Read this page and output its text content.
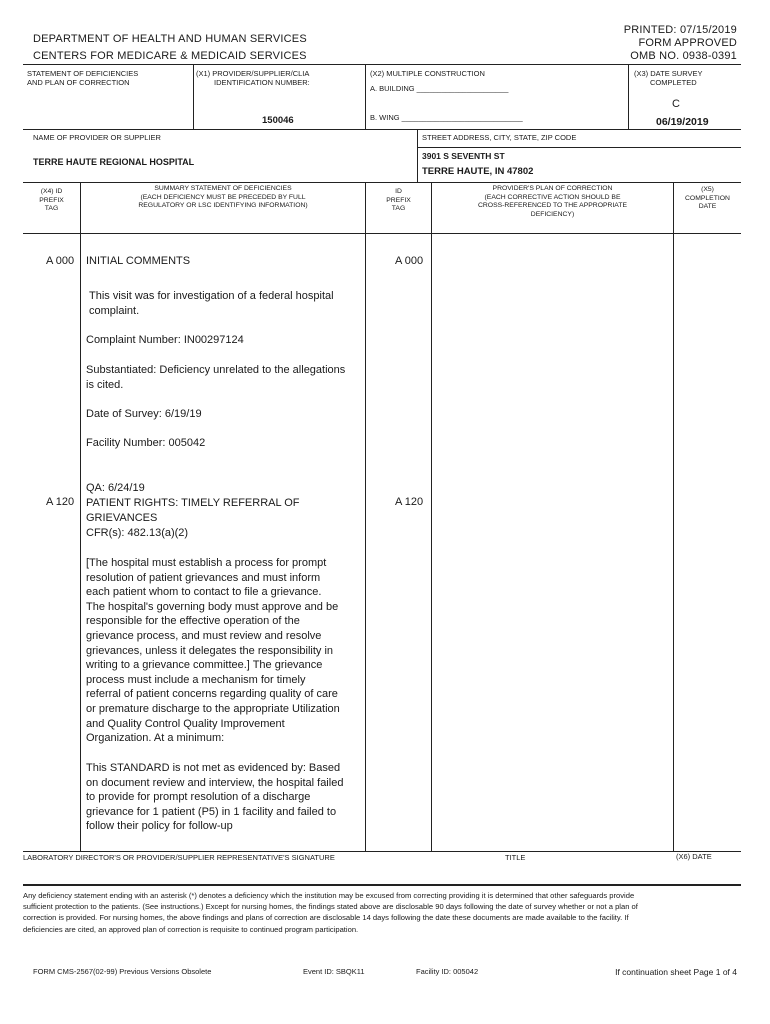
DEPARTMENT OF HEALTH AND HUMAN SERVICES
CENTERS FOR MEDICARE & MEDICAID SERVICES
PRINTED: 07/15/2019
FORM APPROVED
OMB NO. 0938-0391
STATEMENT OF DEFICIENCIES
AND PLAN OF CORRECTION
(X1) PROVIDER/SUPPLIER/CLIA
IDENTIFICATION NUMBER:
150046
(X2) MULTIPLE CONSTRUCTION
A. BUILDING ______________________
B. WING _____________________________
(X3) DATE SURVEY
COMPLETED
C
06/19/2019
NAME OF PROVIDER OR SUPPLIER
TERRE HAUTE REGIONAL HOSPITAL
STREET ADDRESS, CITY, STATE, ZIP CODE
3901 S SEVENTH ST
TERRE HAUTE, IN 47802
(X4) ID
PREFIX
TAG
SUMMARY STATEMENT OF DEFICIENCIES
(EACH DEFICIENCY MUST BE PRECEDED BY FULL
REGULATORY OR LSC IDENTIFYING INFORMATION)
ID
PREFIX
TAG
PROVIDER'S PLAN OF CORRECTION
(EACH CORRECTIVE ACTION SHOULD BE
CROSS-REFERENCED TO THE APPROPRIATE
DEFICIENCY)
(X5)
COMPLETION
DATE
A 000 INITIAL COMMENTS	A 000
This visit was for investigation of a federal hospital complaint.
Complaint Number: IN00297124
Substantiated: Deficiency unrelated to the allegations is cited.
Date of Survey: 6/19/19
Facility Number: 005042
QA: 6/24/19
A 120 PATIENT RIGHTS: TIMELY REFERRAL OF GRIEVANCES
A 120
CFR(s): 482.13(a)(2)
[The hospital must establish a process for prompt resolution of patient grievances and must inform each patient whom to contact to file a grievance. The hospital's governing body must approve and be responsible for the effective operation of the grievance process, and must review and resolve grievances, unless it delegates the responsibility in writing to a grievance committee.] The grievance process must include a mechanism for timely referral of patient concerns regarding quality of care or premature discharge to the appropriate Utilization and Quality Control Quality Improvement Organization. At a minimum:
This STANDARD is not met as evidenced by: Based on document review and interview, the hospital failed to provide for prompt resolution of a discharge grievance for 1 patient (P5) in 1 facility and failed to follow their policy for follow-up
LABORATORY DIRECTOR'S OR PROVIDER/SUPPLIER REPRESENTATIVE'S SIGNATURE	TITLE	(X6) DATE
Any deficiency statement ending with an asterisk (*) denotes a deficiency which the institution may be excused from correcting providing it is determined that other safeguards provide sufficient protection to the patients. (See instructions.) Except for nursing homes, the findings stated above are disclosable 90 days following the date of survey whether or not a plan of correction is provided. For nursing homes, the above findings and plans of correction are disclosable 14 days following the date these documents are made available to the facility. If deficiencies are cited, an approved plan of correction is requisite to continued program participation.
FORM CMS-2567(02-99) Previous Versions Obsolete	Event ID: SBQK11	Facility ID: 005042	If continuation sheet Page 1 of 4
